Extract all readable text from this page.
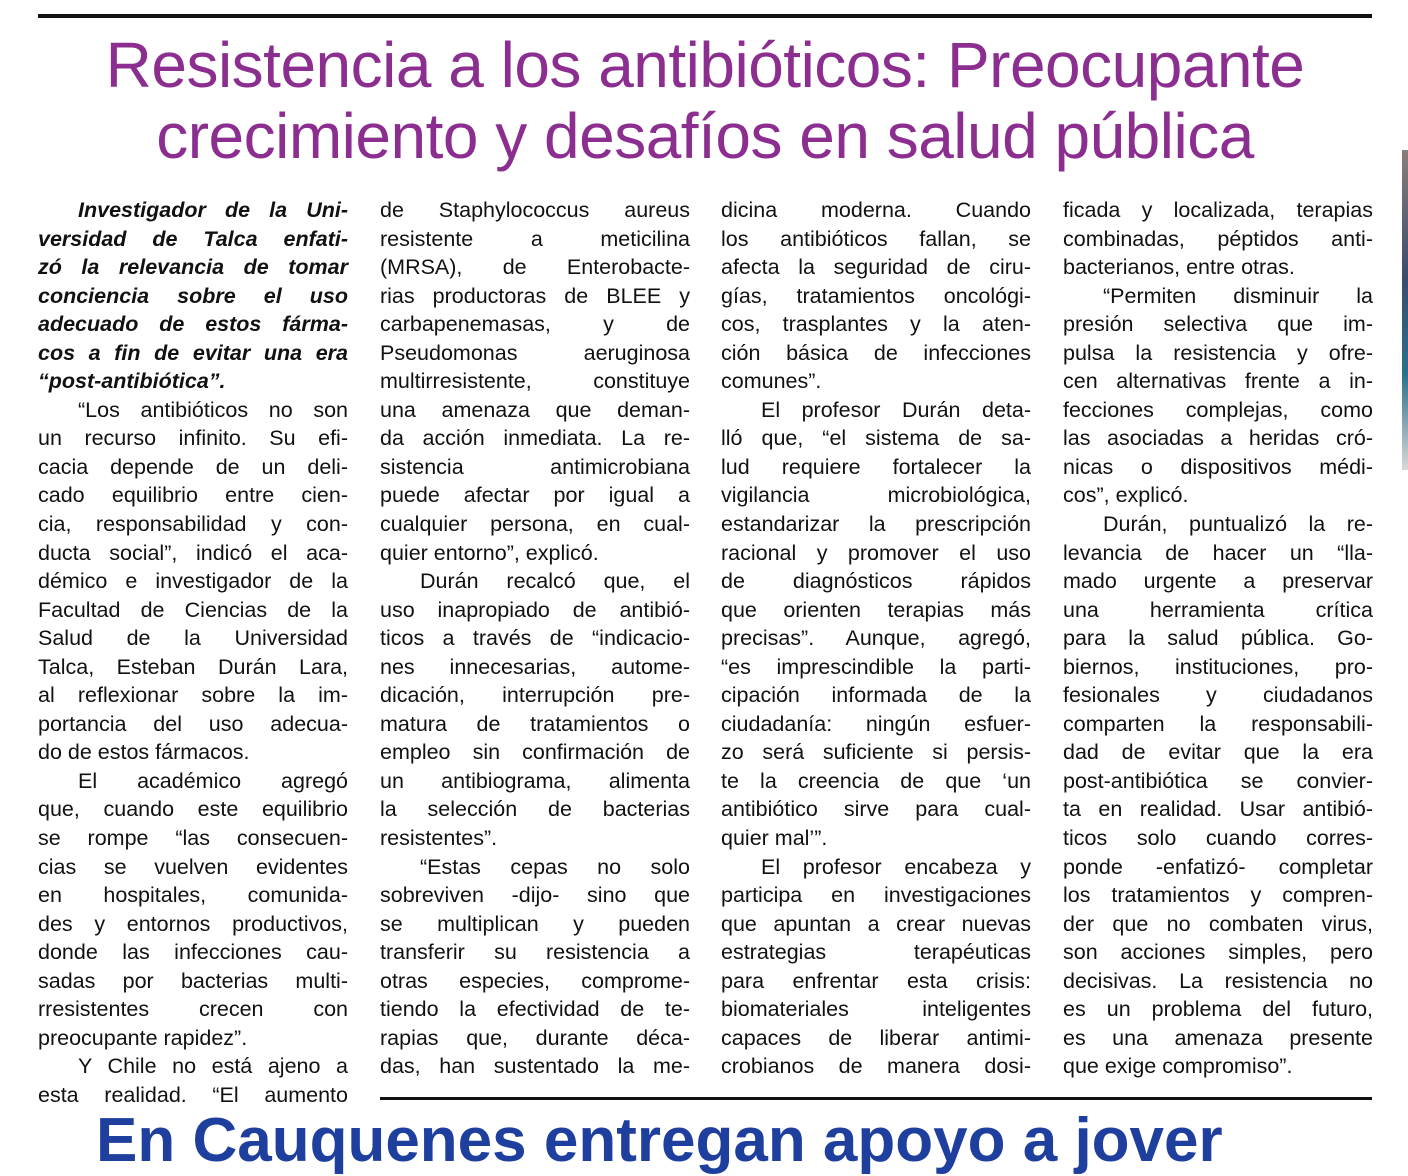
Resistencia a los antibióticos: Preocupante
crecimiento y desafíos en salud pública
Investigador de la Uni-
versidad de Talca enfati-
zó la relevancia de tomar
conciencia sobre el uso
adecuado de estos fárma-
cos a fin de evitar una era
“post-antibiótica”.
“Los antibióticos no son
un recurso infinito. Su efi-
cacia depende de un deli-
cado equilibrio entre cien-
cia, responsabilidad y con-
ducta social”, indicó el aca-
démico e investigador de la
Facultad de Ciencias de la
Salud de la Universidad
Talca, Esteban Durán Lara,
al reflexionar sobre la im-
portancia del uso adecua-
do de estos fármacos.
El académico agregó
que, cuando este equilibrio
se rompe “las consecuen-
cias se vuelven evidentes
en hospitales, comunida-
des y entornos productivos,
donde las infecciones cau-
sadas por bacterias multi-
rresistentes crecen con
preocupante rapidez”.
Y Chile no está ajeno a
esta realidad. “El aumento
de Staphylococcus aureus
resistente a meticilina
(MRSA), de Enterobacte-
rias productoras de BLEE y
carbapenemasas, y de
Pseudomonas aeruginosa
multirresistente, constituye
una amenaza que deman-
da acción inmediata. La re-
sistencia antimicrobiana
puede afectar por igual a
cualquier persona, en cual-
quier entorno”, explicó.
Durán recalcó que, el
uso inapropiado de antibió-
ticos a través de “indicacio-
nes innecesarias, autome-
dicación, interrupción pre-
matura de tratamientos o
empleo sin confirmación de
un antibiograma, alimenta
la selección de bacterias
resistentes”.
“Estas cepas no solo
sobreviven -dijo- sino que
se multiplican y pueden
transferir su resistencia a
otras especies, comprome-
tiendo la efectividad de te-
rapias que, durante déca-
das, han sustentado la me-
dicina moderna. Cuando
los antibióticos fallan, se
afecta la seguridad de ciru-
gías, tratamientos oncológi-
cos, trasplantes y la aten-
ción básica de infecciones
comunes”.
El profesor Durán deta-
lló que, “el sistema de sa-
lud requiere fortalecer la
vigilancia microbiológica,
estandarizar la prescripción
racional y promover el uso
de diagnósticos rápidos
que orienten terapias más
precisas”. Aunque, agregó,
“es imprescindible la parti-
cipación informada de la
ciudadanía: ningún esfuer-
zo será suficiente si persis-
te la creencia de que ‘un
antibiótico sirve para cual-
quier mal’”.
El profesor encabeza y
participa en investigaciones
que apuntan a crear nuevas
estrategias terapéuticas
para enfrentar esta crisis:
biomateriales inteligentes
capaces de liberar antimi-
crobianos de manera dosi-
ficada y localizada, terapias
combinadas, péptidos anti-
bacterianos, entre otras.
“Permiten disminuir la
presión selectiva que im-
pulsa la resistencia y ofre-
cen alternativas frente a in-
fecciones complejas, como
las asociadas a heridas cró-
nicas o dispositivos médi-
cos”, explicó.
Durán, puntualizó la re-
levancia de hacer un “lla-
mado urgente a preservar
una herramienta crítica
para la salud pública. Go-
biernos, instituciones, pro-
fesionales y ciudadanos
comparten la responsabili-
dad de evitar que la era
post-antibiótica se convier-
ta en realidad. Usar antibió-
ticos solo cuando corres-
ponde -enfatizó- completar
los tratamientos y compren-
der que no combaten virus,
son acciones simples, pero
decisivas. La resistencia no
es un problema del futuro,
es una amenaza presente
que exige compromiso”.
En Cauquenes entregan apoyo a jover
